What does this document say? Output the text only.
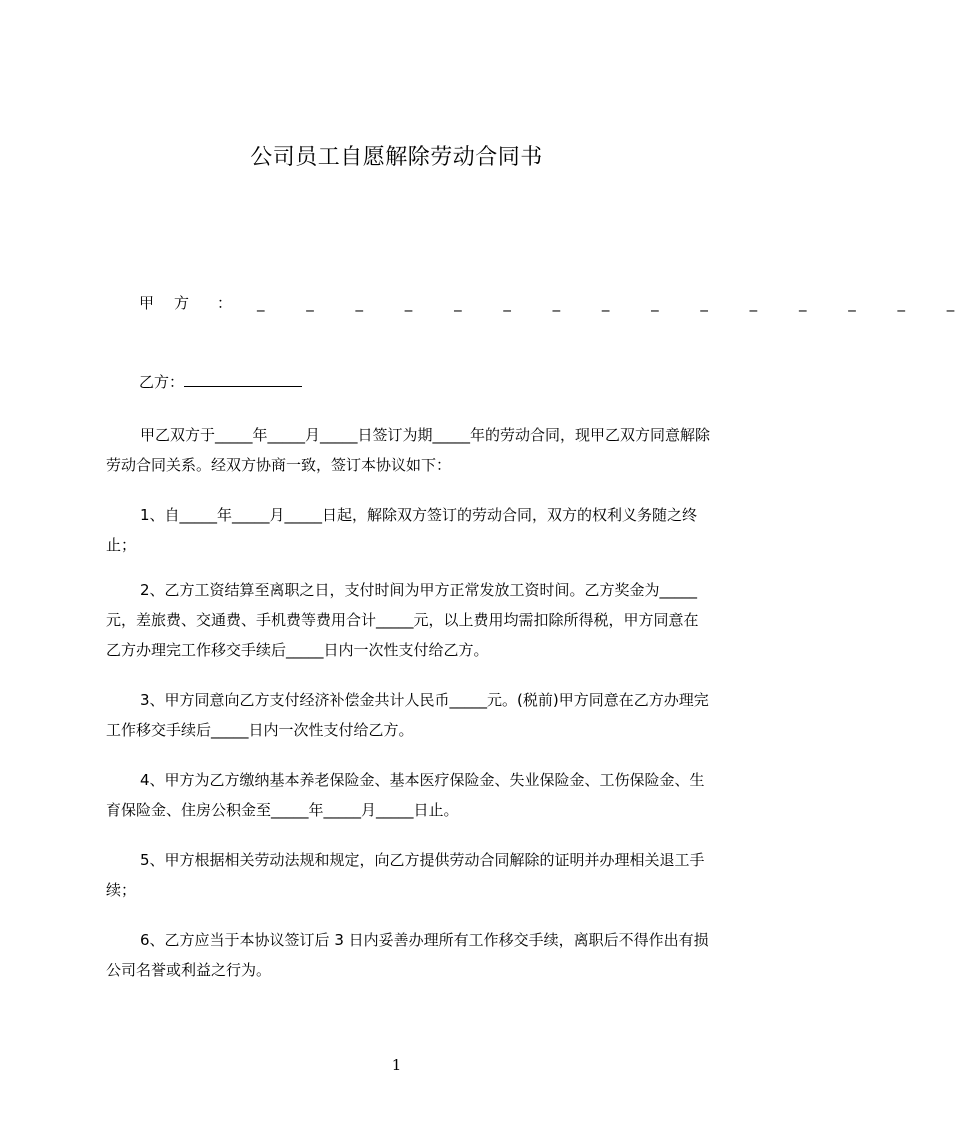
公司员工自愿解除劳动合同书
甲方 ： _ _ _ _ _ _ _ _ _ _ _ _ _ _ _
乙方：

甲乙双方于_____年_____月_____日签订为期_____年的劳动合同，现甲乙双方同意解除劳动合同关系。经双方协商一致，签订本协议如下：

1、自_____年_____月_____日起，解除双方签订的劳动合同，双方的权利义务随之终止；

2、乙方工资结算至离职之日，支付时间为甲方正常发放工资时间。乙方奖金为_____元，差旅费、交通费、手机费等费用合计_____元，以上费用均需扣除所得税，甲方同意在乙方办理完工作移交手续后_____日内一次性支付给乙方。

3、甲方同意向乙方支付经济补偿金共计人民币_____元。(税前)甲方同意在乙方办理完工作移交手续后_____日内一次性支付给乙方。

4、甲方为乙方缴纳基本养老保险金、基本医疗保险金、失业保险金、工伤保险金、生育保险金、住房公积金至_____年_____月_____日止。

5、甲方根据相关劳动法规和规定，向乙方提供劳动合同解除的证明并办理相关退工手续；

6、乙方应当于本协议签订后 3 日内妥善办理所有工作移交手续，离职后不得作出有损公司名誉或利益之行为。

1
